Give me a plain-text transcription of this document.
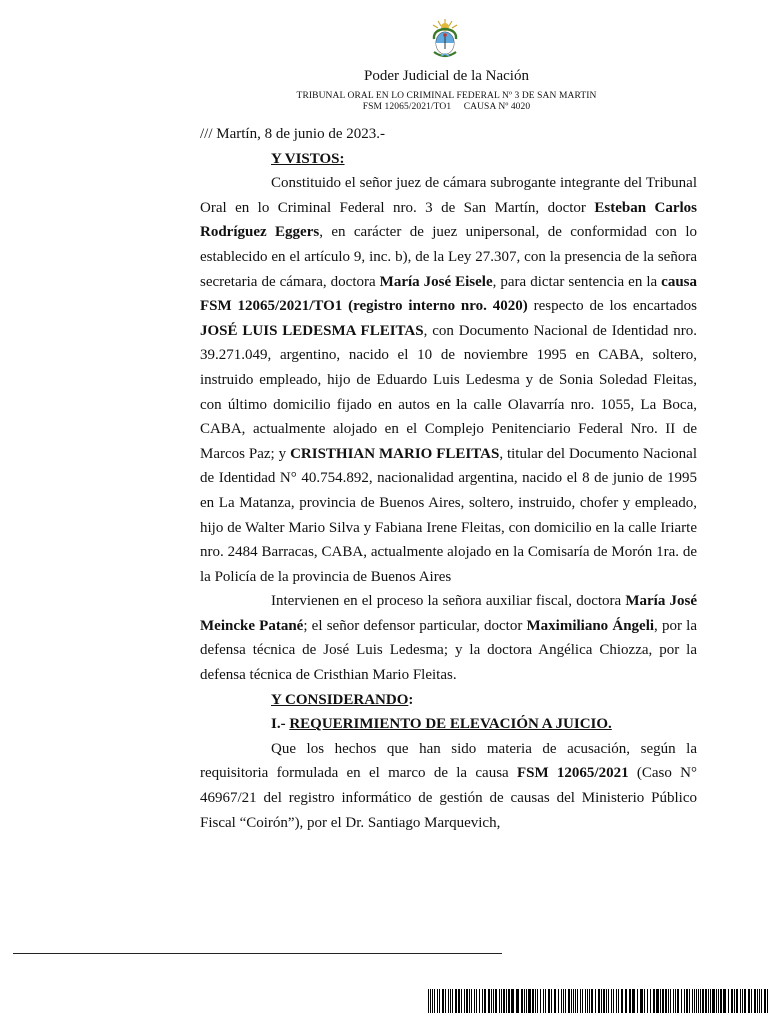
Poder Judicial de la Nación
TRIBUNAL ORAL EN LO CRIMINAL FEDERAL Nº 3 DE SAN MARTIN
FSM 12065/2021/TO1 CAUSA Nº 4020

/// Martín, 8 de junio de 2023.-

Y VISTOS:

Constituido el señor juez de cámara subrogante integrante del Tribunal Oral en lo Criminal Federal nro. 3 de San Martín, doctor Esteban Carlos Rodríguez Eggers, en carácter de juez unipersonal, de conformidad con lo establecido en el artículo 9, inc. b), de la Ley 27.307, con la presencia de la señora secretaria de cámara, doctora María José Eisele, para dictar sentencia en la causa FSM 12065/2021/TO1 (registro interno nro. 4020) respecto de los encartados JOSÉ LUIS LEDESMA FLEITAS, con Documento Nacional de Identidad nro. 39.271.049, argentino, nacido el 10 de noviembre 1995 en CABA, soltero, instruido empleado, hijo de Eduardo Luis Ledesma y de Sonia Soledad Fleitas, con último domicilio fijado en autos en la calle Olavarría nro. 1055, La Boca, CABA, actualmente alojado en el Complejo Penitenciario Federal Nro. II de Marcos Paz; y CRISTHIAN MARIO FLEITAS, titular del Documento Nacional de Identidad N° 40.754.892, nacionalidad argentina, nacido el 8 de junio de 1995 en La Matanza, provincia de Buenos Aires, soltero, instruido, chofer y empleado, hijo de Walter Mario Silva y Fabiana Irene Fleitas, con domicilio en la calle Iriarte nro. 2484 Barracas, CABA, actualmente alojado en la Comisaría de Morón 1ra. de la Policía de la provincia de Buenos Aires

Intervienen en el proceso la señora auxiliar fiscal, doctora María José Meincke Patané; el señor defensor particular, doctor Maximiliano Ángeli, por la defensa técnica de José Luis Ledesma; y la doctora Angélica Chiozza, por la defensa técnica de Cristhian Mario Fleitas.

Y CONSIDERANDO:

I.- REQUERIMIENTO DE ELEVACIÓN A JUICIO.

Que los hechos que han sido materia de acusación, según la requisitoria formulada en el marco de la causa FSM 12065/2021 (Caso N° 46967/21 del registro informático de gestión de causas del Ministerio Público Fiscal “Coirón”), por el Dr. Santiago Marquevich,
